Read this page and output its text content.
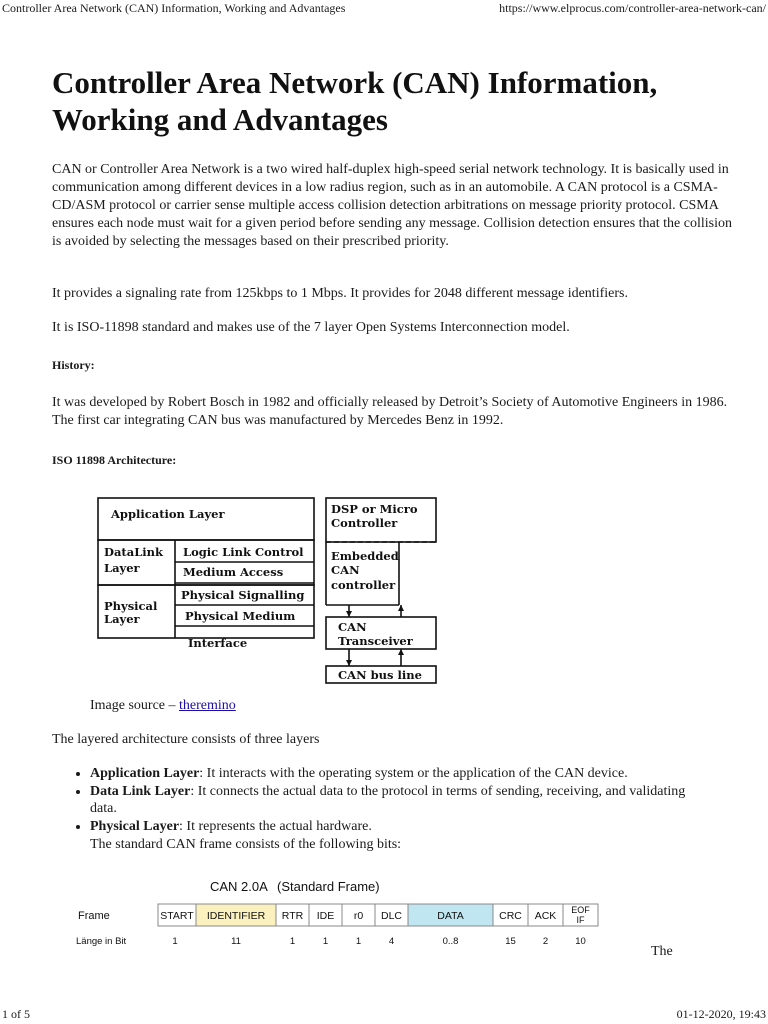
Controller Area Network (CAN) Information, Working and Advantages	https://www.elprocus.com/controller-area-network-can/
Controller Area Network (CAN) Information, Working and Advantages

CAN or Controller Area Network is a two wired half-duplex high-speed serial network technology. It is basically used in communication among different devices in a low radius region, such as in an automobile. A CAN protocol is a CSMA-CD/ASM protocol or carrier sense multiple access collision detection arbitrations on message priority protocol. CSMA ensures each node must wait for a given period before sending any message. Collision detection ensures that the collision is avoided by selecting the messages based on their prescribed priority.

It provides a signaling rate from 125kbps to 1 Mbps. It provides for 2048 different message identifiers.

It is ISO-11898 standard and makes use of the 7 layer Open Systems Interconnection model.

History:

It was developed by Robert Bosch in 1982 and officially released by Detroit’s Society of Automotive Engineers in 1986. The first car integrating CAN bus was manufactured by Mercedes Benz in 1992.

ISO 11898 Architecture:

Application Layer
DataLink
Layer
Logic Link Control
Medium Access
Physical
Layer
Physical Signalling
Physical Medium
Interface
DSP or Micro
Controller
Embedded
CAN
controller
CAN
Transceiver
CAN bus line
Image source – theremino

The layered architecture consists of three layers

• Application Layer: It interacts with the operating system or the application of the CAN device.
• Data Link Layer: It connects the actual data to the protocol in terms of sending, receiving, and validating data.
• Physical Layer: It represents the actual hardware.
The standard CAN frame consists of the following bits:
CAN 2.0A (Standard Frame)
Frame
Länge in Bit
START
1
IDENTIFIER
11
RTR
1
IDE
1
r0
1
DLC
4
DATA
0..8
CRC
15
ACK
2
EOF
IF
10
The
1 of 5	01-12-2020, 19:43
